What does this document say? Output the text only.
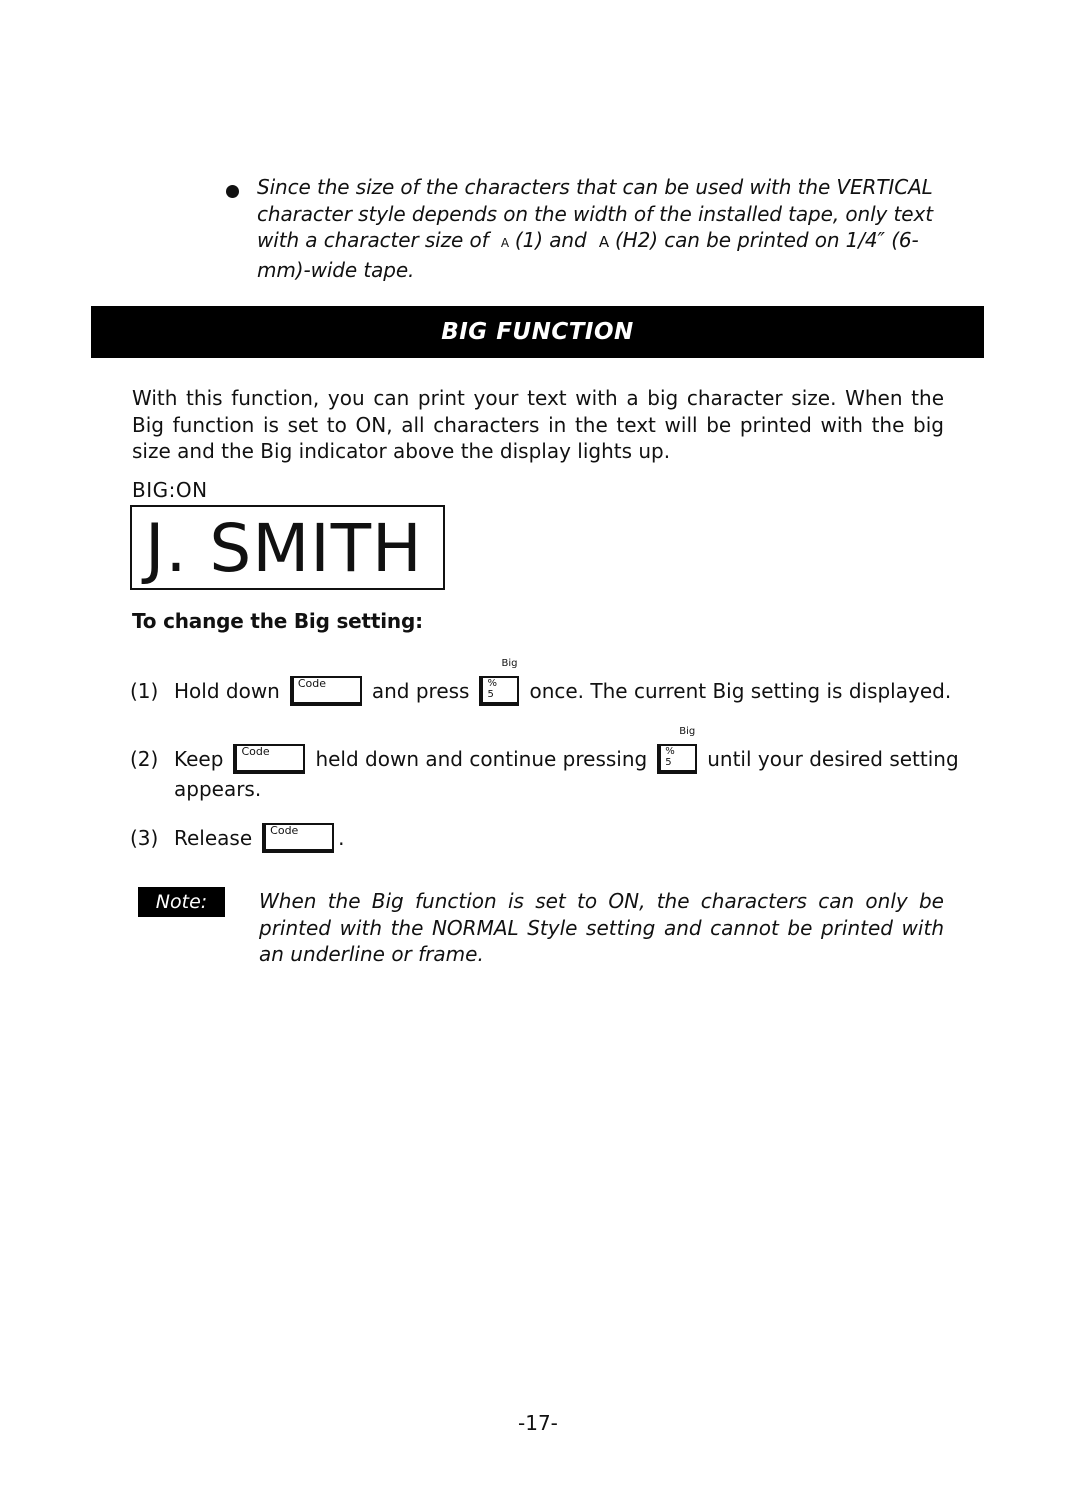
Since the size of the characters that can be used with the VERTICAL character style depends on the width of the installed tape, only text with a character size of A (1) and A (H2) can be printed on 1/4″ (6-mm)-wide tape.
BIG FUNCTION
With this function, you can print your text with a big character size. When the Big function is set to ON, all characters in the text will be printed with the big size and the Big indicator above the display lights up.
BIG:ON
J. SMITH
To change the Big setting:
(1) Hold down Code and press
Big
%
5 once. The current Big setting is displayed.
(2) Keep Code held down and continue pressing
Big
%
5 until your desired setting
appears.
(3) Release Code .
Note:	When the Big function is set to ON, the characters can only be printed with the NORMAL Style setting and cannot be printed with an underline or frame.
-17-
